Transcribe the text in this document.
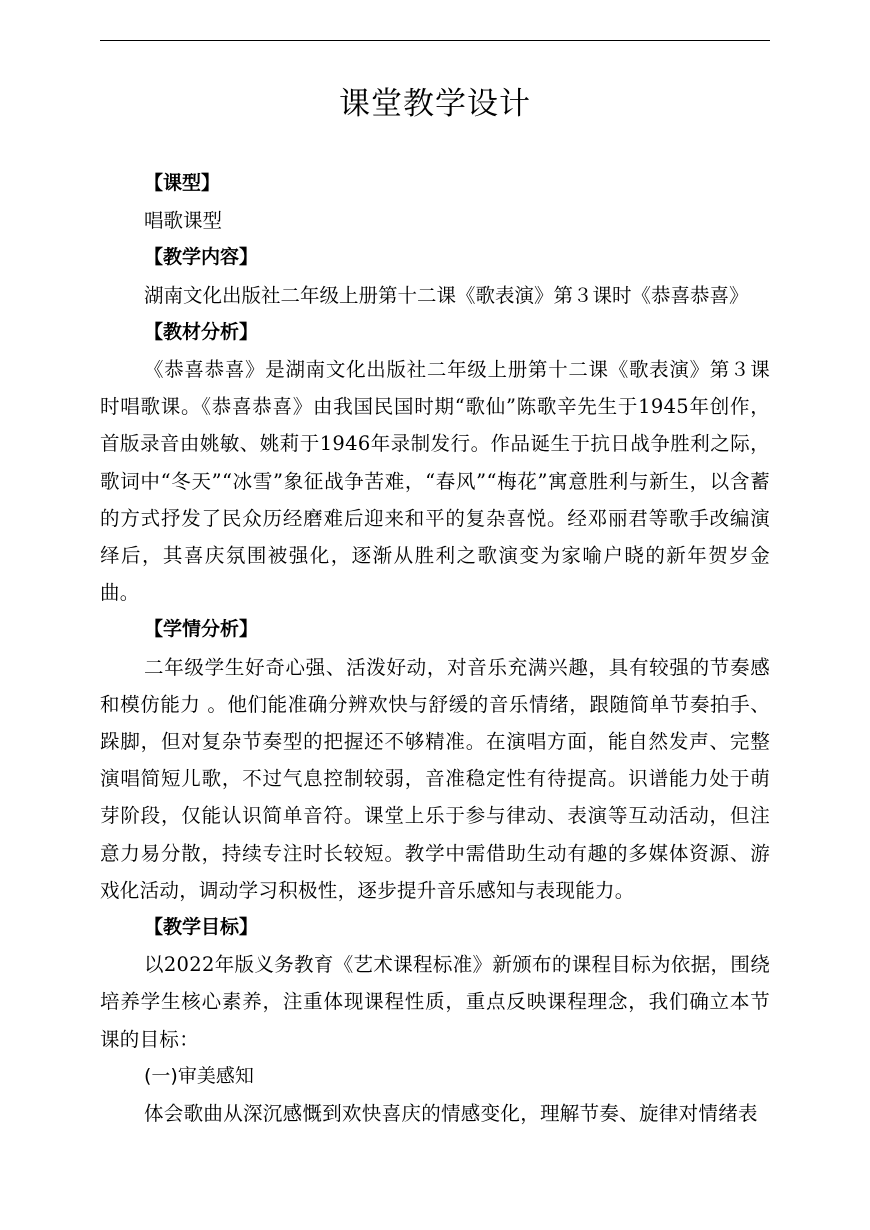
课堂教学设计

【课型】

唱歌课型

【教学内容】

湖南文化出版社二年级上册第十二课《歌表演》第３课时《恭喜恭喜》

【教材分析】

《恭喜恭喜》是湖南文化出版社二年级上册第十二课《歌表演》第３课时唱歌课。《恭喜恭喜》由我国民国时期“歌仙”陈歌辛先生于1945年创作，首版录音由姚敏、姚莉于1946年录制发行。作品诞生于抗日战争胜利之际，歌词中“冬天”“冰雪”象征战争苦难，“春风”“梅花”寓意胜利与新生，以含蓄的方式抒发了民众历经磨难后迎来和平的复杂喜悦。经邓丽君等歌手改编演绎后，其喜庆氛围被强化，逐渐从胜利之歌演变为家喻户晓的新年贺岁金曲。

【学情分析】

二年级学生好奇心强、活泼好动，对音乐充满兴趣，具有较强的节奏感和模仿能力 。他们能准确分辨欢快与舒缓的音乐情绪，跟随简单节奏拍手、跺脚，但对复杂节奏型的把握还不够精准。在演唱方面，能自然发声、完整演唱简短儿歌，不过气息控制较弱，音准稳定性有待提高。识谱能力处于萌芽阶段，仅能认识简单音符。课堂上乐于参与律动、表演等互动活动，但注意力易分散，持续专注时长较短。教学中需借助生动有趣的多媒体资源、游戏化活动，调动学习积极性，逐步提升音乐感知与表现能力。

【教学目标】

以2022年版义务教育《艺术课程标准》新颁布的课程目标为依据，围绕培养学生核心素养，注重体现课程性质，重点反映课程理念，我们确立本节课的目标：

(一)审美感知

体会歌曲从深沉感慨到欢快喜庆的情感变化，理解节奏、旋律对情绪表
